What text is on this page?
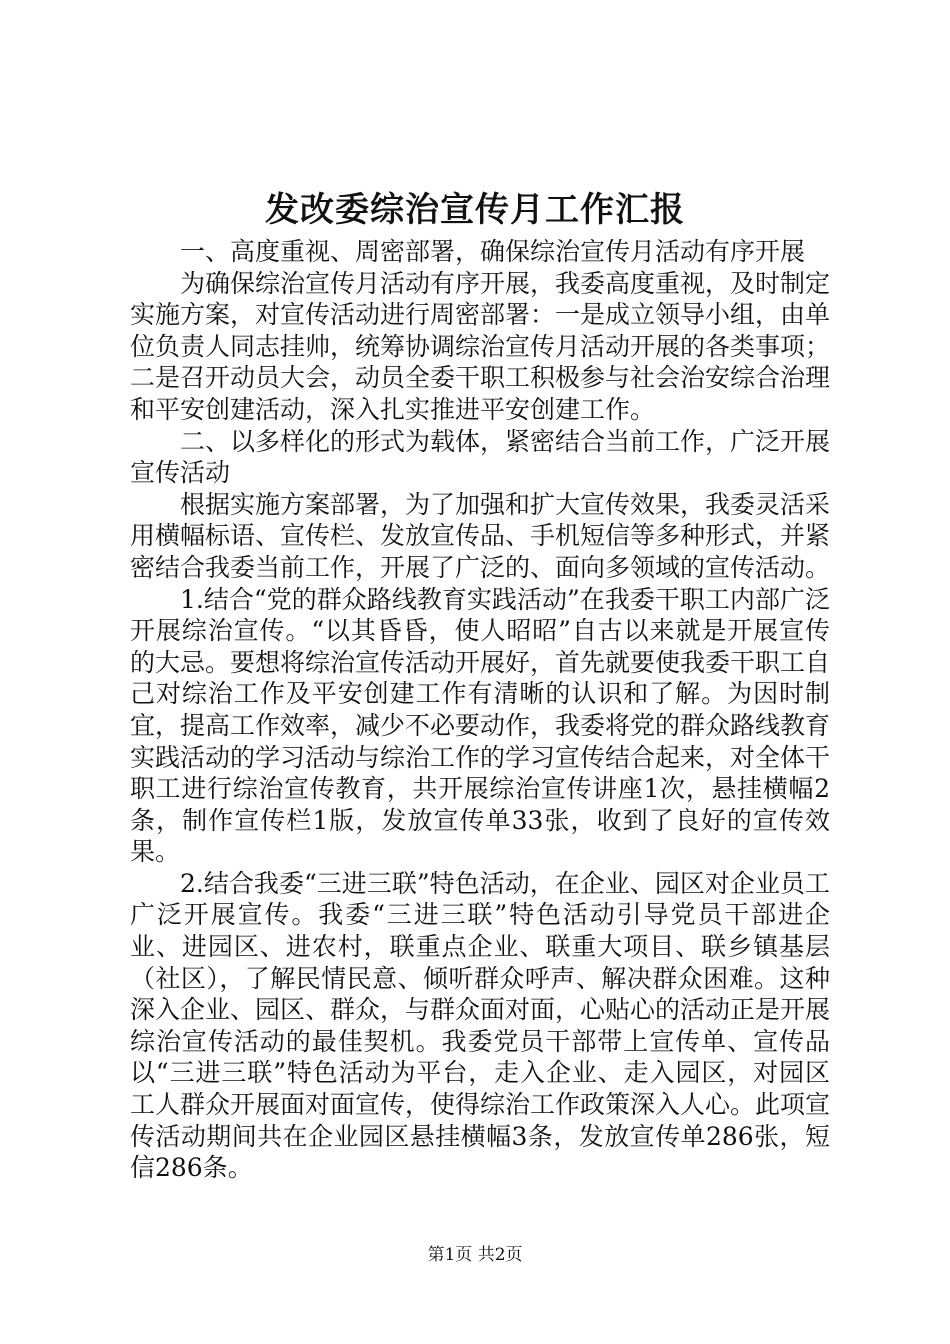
发改委综治宣传月工作汇报

一、高度重视、周密部署，确保综治宣传月活动有序开展

为确保综治宣传月活动有序开展，我委高度重视，及时制定实施方案，对宣传活动进行周密部署：一是成立领导小组，由单位负责人同志挂帅，统筹协调综治宣传月活动开展的各类事项；二是召开动员大会，动员全委干职工积极参与社会治安综合治理和平安创建活动，深入扎实推进平安创建工作。

二、以多样化的形式为载体，紧密结合当前工作，广泛开展宣传活动

根据实施方案部署，为了加强和扩大宣传效果，我委灵活采用横幅标语、宣传栏、发放宣传品、手机短信等多种形式，并紧密结合我委当前工作，开展了广泛的、面向多领域的宣传活动。

1.结合“党的群众路线教育实践活动”在我委干职工内部广泛开展综治宣传。“以其昏昏，使人昭昭”自古以来就是开展宣传的大忌。要想将综治宣传活动开展好，首先就要使我委干职工自己对综治工作及平安创建工作有清晰的认识和了解。为因时制宜，提高工作效率，减少不必要动作，我委将党的群众路线教育实践活动的学习活动与综治工作的学习宣传结合起来，对全体干职工进行综治宣传教育，共开展综治宣传讲座1次，悬挂横幅2条，制作宣传栏1版，发放宣传单33张，收到了良好的宣传效果。

2.结合我委“三进三联”特色活动，在企业、园区对企业员工广泛开展宣传。我委“三进三联”特色活动引导党员干部进企业、进园区、进农村，联重点企业、联重大项目、联乡镇基层（社区），了解民情民意、倾听群众呼声、解决群众困难。这种深入企业、园区、群众，与群众面对面，心贴心的活动正是开展综治宣传活动的最佳契机。我委党员干部带上宣传单、宣传品以“三进三联”特色活动为平台，走入企业、走入园区，对园区工人群众开展面对面宣传，使得综治工作政策深入人心。此项宣传活动期间共在企业园区悬挂横幅3条，发放宣传单286张，短信286条。

第1页 共2页
